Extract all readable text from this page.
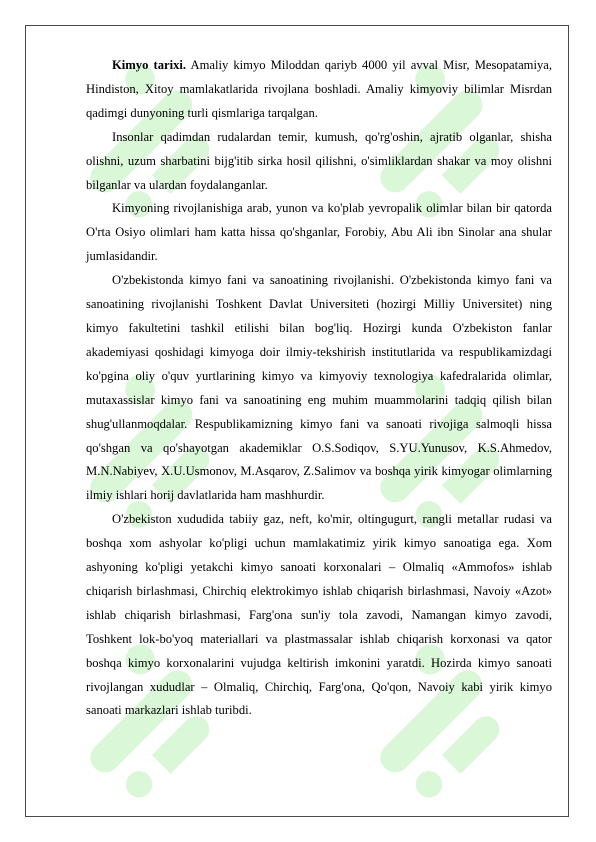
Kimyo tarixi. Amaliy kimyo Miloddan qariyb 4000 yil avval Misr, Mesopatamiya, Hindiston, Xitoy mamlakatlarida rivojlana boshladi. Amaliy kimyoviy bilimlar Misrdan qadimgi dunyoning turli qismlariga tarqalgan.

Insonlar qadimdan rudalardan temir, kumush, qo'rg'oshin, ajratib olganlar, shisha olishni, uzum sharbatini bijg'itib sirka hosil qilishni, o'simliklardan shakar va moy olishni bilganlar va ulardan foydalanganlar.

Kimyoning rivojlanishiga arab, yunon va ko'plab yevropalik olimlar bilan bir qatorda O'rta Osiyo olimlari ham katta hissa qo'shganlar, Forobiy, Abu Ali ibn Sinolar ana shular jumlasidandir.

O'zbekistonda kimyo fani va sanoatining rivojlanishi. O'zbekistonda kimyo fani va sanoatining rivojlanishi Toshkent Davlat Universiteti (hozirgi Milliy Universitet) ning kimyo fakultetini tashkil etilishi bilan bog'liq. Hozirgi kunda O'zbekiston fanlar akademiyasi qoshidagi kimyoga doir ilmiy-tekshirish institutlarida va respublikamizdagi ko'pgina oliy o'quv yurtlarining kimyo va kimyoviy texnologiya kafedralarida olimlar, mutaxassislar kimyo fani va sanoatining eng muhim muammolarini tadqiq qilish bilan shug'ullanmoqdalar. Respublikamizning kimyo fani va sanoati rivojiga salmoqli hissa qo'shgan va qo'shayotgan akademiklar O.S.Sodiqov, S.YU.Yunusov, K.S.Ahmedov, M.N.Nabiyev, X.U.Usmonov, M.Asqarov, Z.Salimov va boshqa yirik kimyogar olimlarning ilmiy ishlari horij davlatlarida ham mashhurdir.

O'zbekiston xududida tabiiy gaz, neft, ko'mir, oltingugurt, rangli metallar rudasi va boshqa xom ashyolar ko'pligi uchun mamlakatimiz yirik kimyo sanoatiga ega. Xom ashyoning ko'pligi yetakchi kimyo sanoati korxonalari – Olmaliq «Ammofos» ishlab chiqarish birlashmasi, Chirchiq elektrokimyo ishlab chiqarish birlashmasi, Navoiy «Azot» ishlab chiqarish birlashmasi, Farg'ona sun'iy tola zavodi, Namangan kimyo zavodi, Toshkent lok-bo'yoq materiallari va plastmassalar ishlab chiqarish korxonasi va qator boshqa kimyo korxonalarini vujudga keltirish imkonini yaratdi. Hozirda kimyo sanoati rivojlangan xududlar – Olmaliq, Chirchiq, Farg'ona, Qo'qon, Navoiy kabi yirik kimyo sanoati markazlari ishlab turibdi.
